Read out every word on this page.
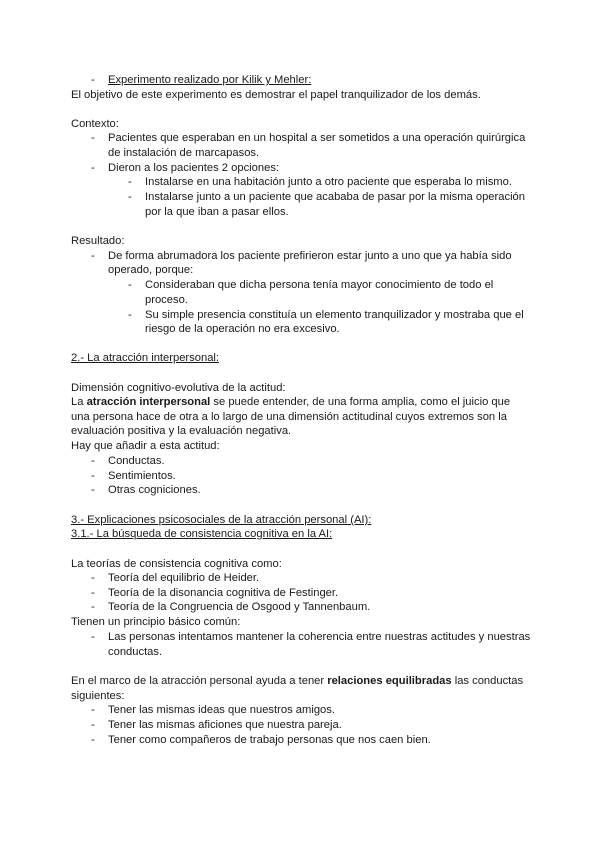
- Experimento realizado por Kilik y Mehler:
El objetivo de este experimento es demostrar el papel tranquilizador de los demás.
Contexto:
- Pacientes que esperaban en un hospital a ser sometidos a una operación quirúrgica
de instalación de marcapasos.
- Dieron a los pacientes 2 opciones:
- Instalarse en una habitación junto a otro paciente que esperaba lo mismo.
- Instalarse junto a un paciente que acababa de pasar por la misma operación
por la que iban a pasar ellos.
Resultado:
- De forma abrumadora los paciente prefirieron estar junto a uno que ya había sido
operado, porque:
- Consideraban que dicha persona tenía mayor conocimiento de todo el
proceso.
- Su simple presencia constituía un elemento tranquilizador y mostraba que el
riesgo de la operación no era excesivo.
2.- La atracción interpersonal:
Dimensión cognitivo-evolutiva de la actitud:
La atracción interpersonal se puede entender, de una forma amplia, como el juicio que
una persona hace de otra a lo largo de una dimensión actitudinal cuyos extremos son la
evaluación positiva y la evaluación negativa.
Hay que añadir a esta actitud:
- Conductas.
- Sentimientos.
- Otras cogniciones.
3.- Explicaciones psicosociales de la atracción personal (AI):
3.1.- La búsqueda de consistencia cognitiva en la AI:
La teorías de consistencia cognitiva como:
- Teoría del equilibrio de Heider.
- Teoría de la disonancia cognitiva de Festinger.
- Teoría de la Congruencia de Osgood y Tannenbaum.
Tienen un principio básico común:
- Las personas intentamos mantener la coherencia entre nuestras actitudes y nuestras
conductas.
En el marco de la atracción personal ayuda a tener relaciones equilibradas las conductas
siguientes:
- Tener las mismas ideas que nuestros amigos.
- Tener las mismas aficiones que nuestra pareja.
- Tener como compañeros de trabajo personas que nos caen bien.
